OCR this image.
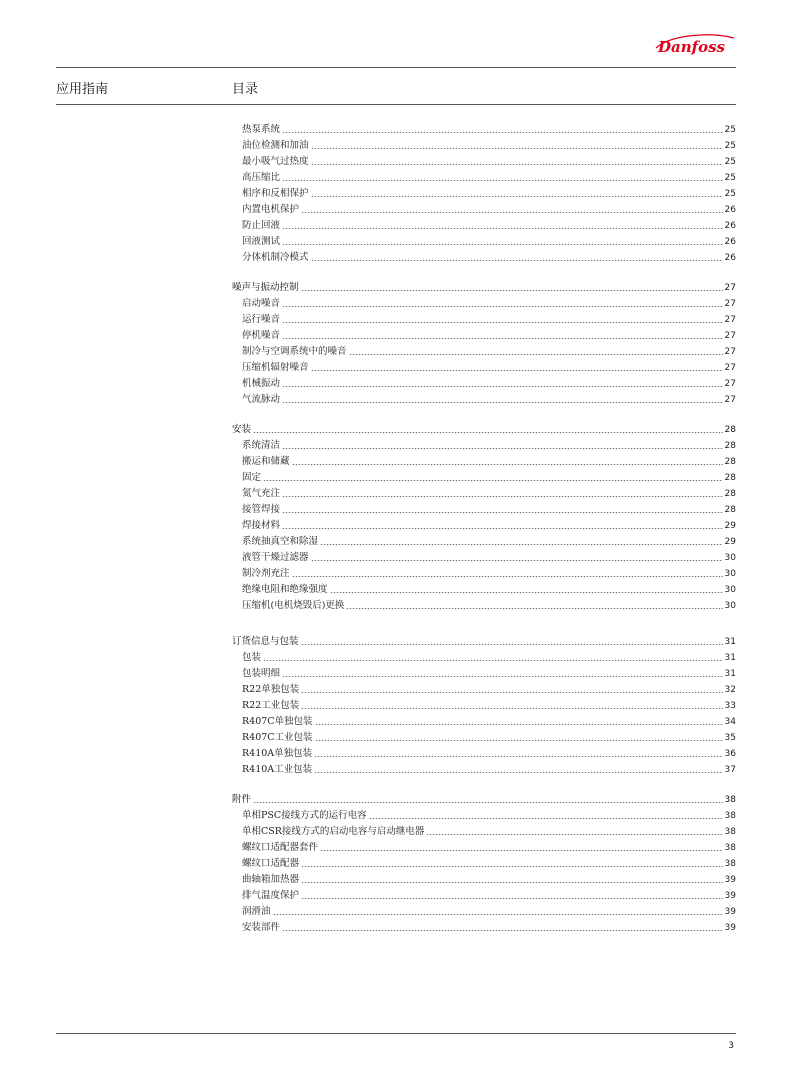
Danfoss
应用指南	目录
热泵系统	25
油位检测和加油	25
最小吸气过热度	25
高压缩比	25
相序和反相保护	25
内置电机保护	26
防止回液	26
回液测试	26
分体机制冷模式	26
噪声与振动控制	27
启动噪音	27
运行噪音	27
停机噪音	27
制冷与空调系统中的噪音	27
压缩机辐射噪音	27
机械振动	27
气流脉动	27
安装	28
系统清洁	28
搬运和储藏	28
固定	28
氮气充注	28
接管焊接	28
焊接材料	29
系统抽真空和除湿	29
液管干燥过滤器	30
制冷剂充注	30
绝缘电阻和绝缘强度	30
压缩机(电机烧毁后)更换	30
订货信息与包装	31
包装	31
包装明细	31
R22单独包装	32
R22工业包装	33
R407C单独包装	34
R407C工业包装	35
R410A单独包装	36
R410A工业包装	37
附件	38
单相PSC接线方式的运行电容	38
单相CSR接线方式的启动电容与启动继电器	38
螺纹口适配器套件	38
螺纹口适配器	38
曲轴箱加热器	39
排气温度保护	39
润滑油	39
安装部件	39
3
